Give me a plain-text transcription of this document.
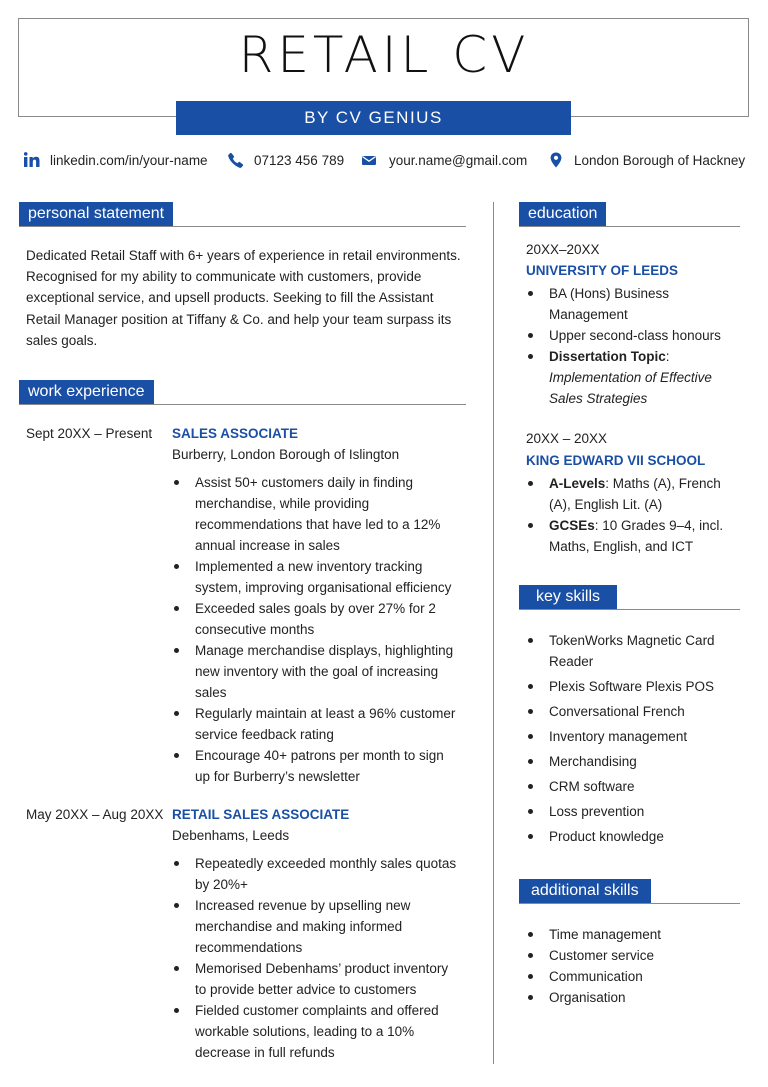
RETAIL CV
BY CV GENIUS
linkedin.com/in/your-name	07123 456 789	your.name@gmail.com	London Borough of Hackney
personal statement
Dedicated Retail Staff with 6+ years of experience in retail environments. Recognised for my ability to communicate with customers, provide exceptional service, and upsell products. Seeking to fill the Assistant Retail Manager position at Tiffany & Co. and help your team surpass its sales goals.
work experience
Sept 20XX – Present SALES ASSOCIATE
Burberry, London Borough of Islington
Assist 50+ customers daily in finding merchandise, while providing recommendations that have led to a 12% annual increase in sales
Implemented a new inventory tracking system, improving organisational efficiency
Exceeded sales goals by over 27% for 2 consecutive months
Manage merchandise displays, highlighting new inventory with the goal of increasing sales
Regularly maintain at least a 96% customer service feedback rating
Encourage 40+ patrons per month to sign up for Burberry’s newsletter
May 20XX – Aug 20XX RETAIL SALES ASSOCIATE
Debenhams, Leeds
Repeatedly exceeded monthly sales quotas by 20%+
Increased revenue by upselling new merchandise and making informed recommendations
Memorised Debenhams’ product inventory to provide better advice to customers
Fielded customer complaints and offered workable solutions, leading to a 10% decrease in full refunds
education
20XX–20XX
UNIVERSITY OF LEEDS
BA (Hons) Business Management
Upper second-class honours
Dissertation Topic:
Implementation of Effective Sales Strategies
20XX – 20XX
KING EDWARD VII SCHOOL
A-Levels: Maths (A), French (A), English Lit. (A)
GCSEs: 10 Grades 9–4, incl. Maths, English, and ICT
key skills
TokenWorks Magnetic Card Reader
Plexis Software Plexis POS
Conversational French
Inventory management
Merchandising
CRM software
Loss prevention
Product knowledge
additional skills
Time management
Customer service
Communication
Organisation
